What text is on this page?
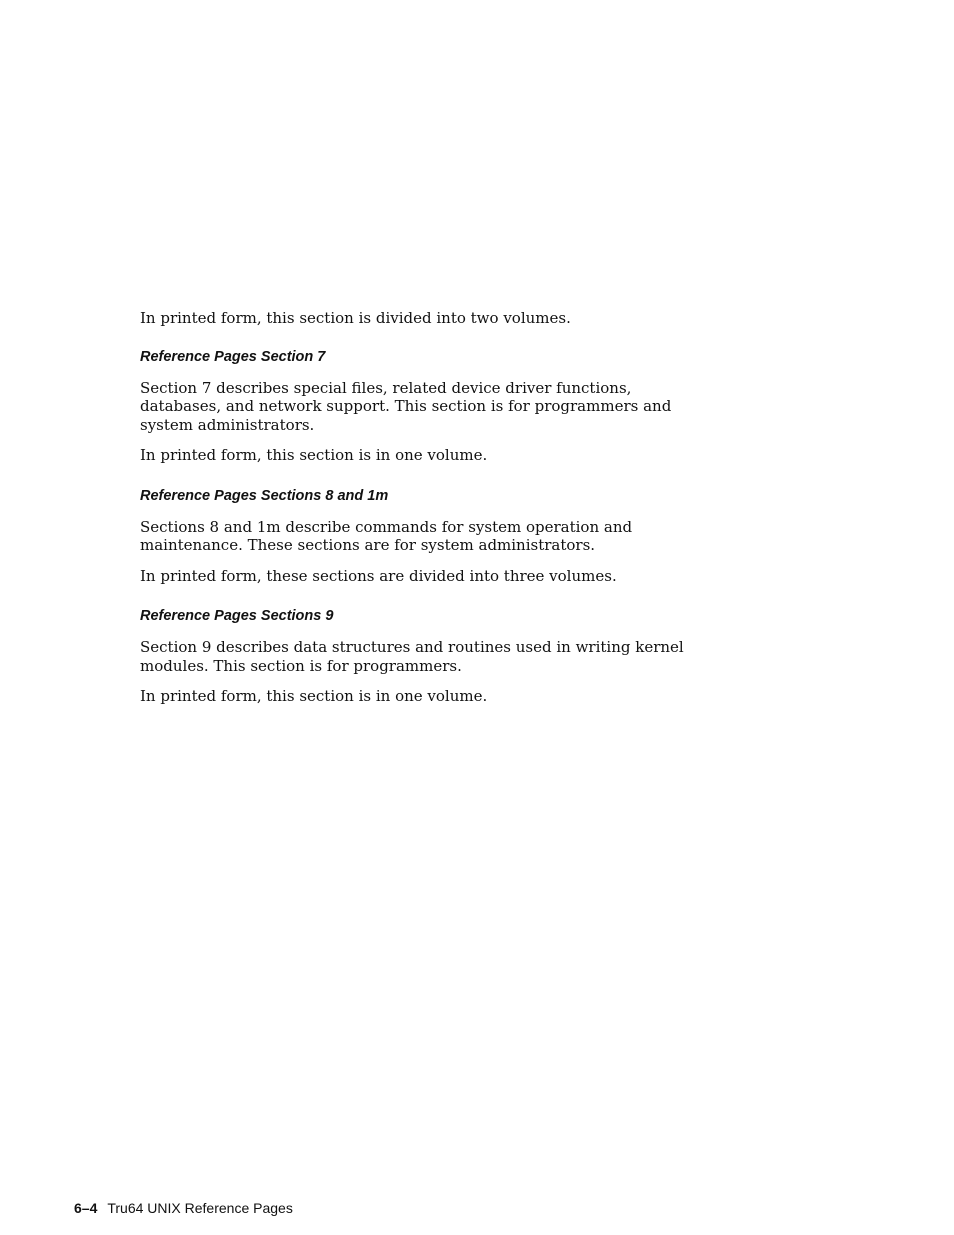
In printed form, this section is divided into two volumes.

Reference Pages Section 7

Section 7 describes special files, related device driver functions, databases, and network support. This section is for programmers and system administrators.

In printed form, this section is in one volume.

Reference Pages Sections 8 and 1m

Sections 8 and 1m describe commands for system operation and maintenance. These sections are for system administrators.

In printed form, these sections are divided into three volumes.

Reference Pages Sections 9

Section 9 describes data structures and routines used in writing kernel modules. This section is for programmers.

In printed form, this section is in one volume.

6–4 Tru64 UNIX Reference Pages
